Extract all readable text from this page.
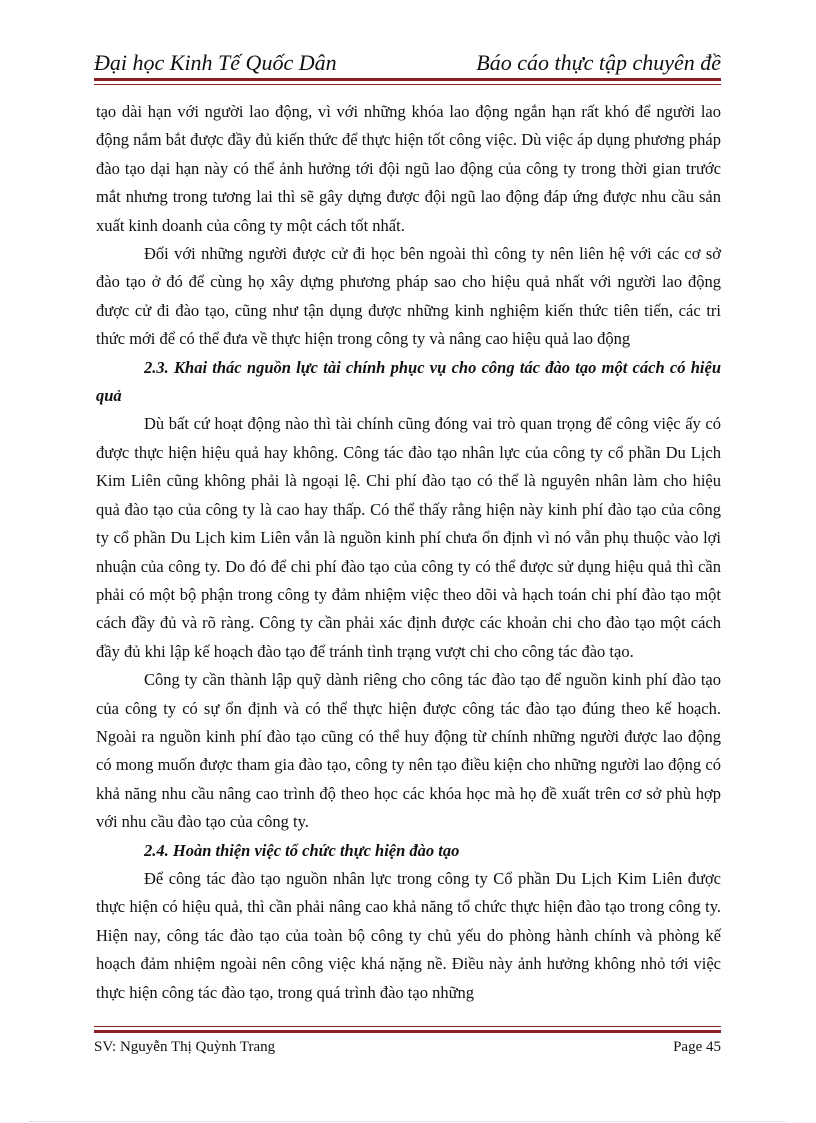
Đại học Kinh Tế Quốc Dân	Báo cáo thực tập chuyên đề

tạo dài hạn với người lao động, vì với những khóa lao động ngắn hạn rất khó để người lao động nắm bắt được đầy đủ kiến thức để thực hiện tốt công việc. Dù việc áp dụng phương pháp đào tạo dại hạn này có thể ảnh hưởng tới đội ngũ lao động của công ty trong thời gian trước mắt nhưng trong tương lai thì sẽ gây dựng được đội ngũ lao động đáp ứng được nhu cầu sản xuất kinh doanh của công ty một cách tốt nhất.

Đối với những người được cử đi học bên ngoài thì công ty nên liên hệ với các cơ sở đào tạo ở đó để cùng họ xây dựng phương pháp sao cho hiệu quả nhất với người lao động được cử đi đào tạo, cũng như tận dụng được những kinh nghiệm kiến thức tiên tiến, các tri thức mới để có thể đưa về thực hiện trong công ty và nâng cao hiệu quả lao động

2.3. Khai thác nguồn lực tài chính phục vụ cho công tác đào tạo một cách có hiệu quả

Dù bất cứ hoạt động nào thì tài chính cũng đóng vai trò quan trọng để công việc ấy có được thực hiện hiệu quả hay không. Công tác đào tạo nhân lực của công ty cổ phần Du Lịch Kim Liên cũng không phải là ngoại lệ. Chi phí đào tạo có thể là nguyên nhân làm cho hiệu quả đào tạo của công ty là cao hay thấp. Có thể thấy rằng hiện này kinh phí đào tạo của công ty cổ phần Du Lịch kim Liên vẫn là nguồn kinh phí chưa ổn định vì nó vẫn phụ thuộc vào lợi nhuận của công ty. Do đó để chi phí đào tạo của công ty có thể được sử dụng hiệu quả thì cần phải có một bộ phận trong công ty đảm nhiệm việc theo dõi và hạch toán chi phí đào tạo một cách đầy đủ và rõ ràng. Công ty cần phải xác định được các khoản chi cho đào tạo một cách đầy đủ khi lập kế hoạch đào tạo để tránh tình trạng vượt chi cho công tác đào tạo.

Công ty cần thành lập quỹ dành riêng cho công tác đào tạo để nguồn kinh phí đào tạo của công ty có sự ổn định và có thể thực hiện được công tác đào tạo đúng theo kế hoạch. Ngoài ra nguồn kinh phí đào tạo cũng có thể huy động từ chính những người được lao động có mong muốn được tham gia đào tạo, công ty nên tạo điều kiện cho những người lao động có khả năng nhu cầu nâng cao trình độ theo học các khóa học mà họ đề xuất trên cơ sở phù hợp với nhu cầu đào tạo của công ty.

2.4. Hoàn thiện việc tổ chức thực hiện đào tạo

Để công tác đào tạo nguồn nhân lực trong công ty Cổ phần Du Lịch Kim Liên được thực hiện có hiệu quả, thì cần phải nâng cao khả năng tổ chức thực hiện đào tạo trong công ty. Hiện nay, công tác đào tạo của toàn bộ công ty chủ yếu do phòng hành chính và phòng kế hoạch đảm nhiệm ngoài nên công việc khá nặng nề. Điều này ảnh hưởng không nhỏ tới việc thực hiện công tác đào tạo, trong quá trình đào tạo những

SV: Nguyễn Thị Quỳnh Trang	Page 45
